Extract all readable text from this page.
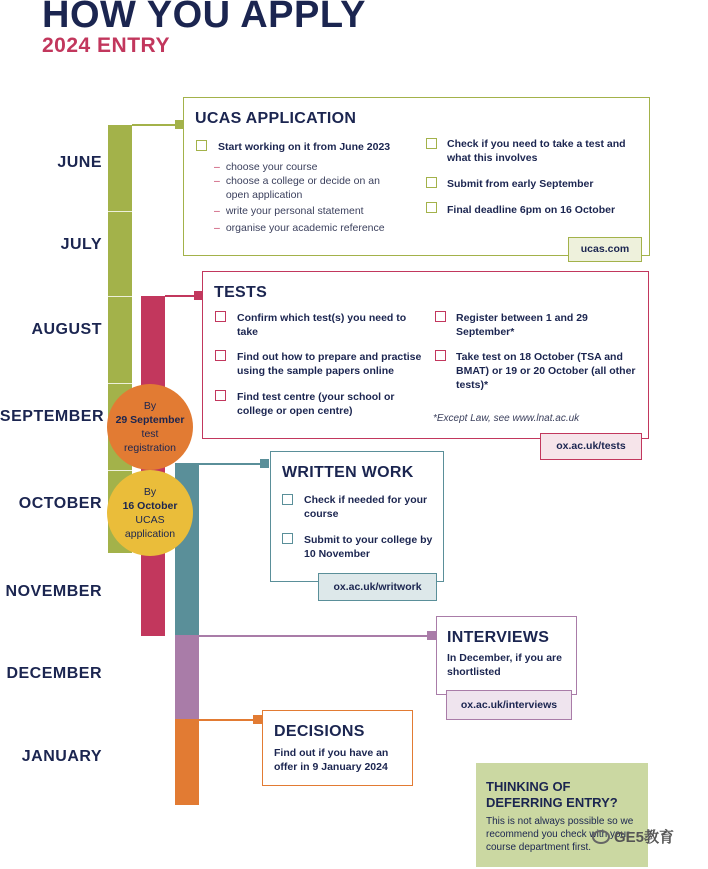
HOW YOU APPLY
2024 ENTRY
JUNE
JULY
AUGUST
SEPTEMBER
OCTOBER
NOVEMBER
DECEMBER
JANUARY
UCAS APPLICATION
Start working on it from June 2023
– choose your course
– choose a college or decide on an open application
– write your personal statement
– organise your academic reference
Check if you need to take a test and what this involves
Submit from early September
Final deadline 6pm on 16 October
ucas.com
TESTS
Confirm which test(s) you need to take
Find out how to prepare and practise using the sample papers online
Find test centre (your school or college or open centre)
Register between 1 and 29 September*
Take test on 18 October (TSA and BMAT) or 19 or 20 October (all other tests)*
*Except Law, see www.lnat.ac.uk
ox.ac.uk/tests
WRITTEN WORK
Check if needed for your course
Submit to your college by 10 November
ox.ac.uk/writwork
INTERVIEWS
In December, if you are shortlisted
ox.ac.uk/interviews
DECISIONS
Find out if you have an offer in 9 January 2024
By
29 September
test
registration
By
16 October
UCAS
application
THINKING OF DEFERRING ENTRY?
This is not always possible so we recommend you check with your course department first.
GE5教育
